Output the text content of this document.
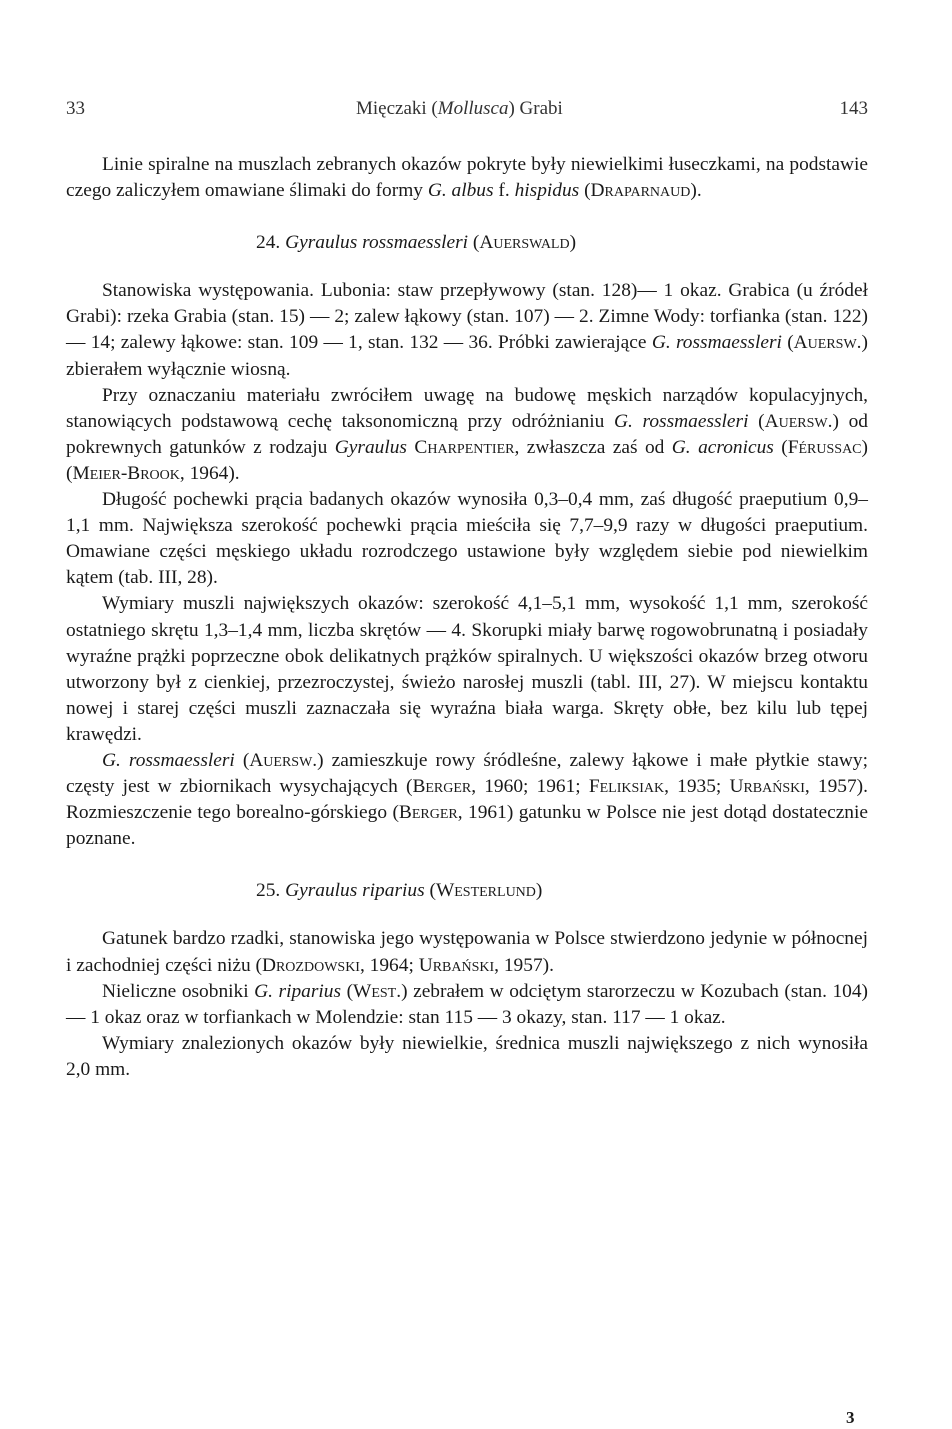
33	Mięczaki (Mollusca) Grabi	143

Linie spiralne na muszlach zebranych okazów pokryte były niewielkimi łuseczkami, na podstawie czego zaliczyłem omawiane ślimaki do formy G. albus f. hispidus (Draparnaud).

24. Gyraulus rossmaessleri (Auerswald)

Stanowiska występowania. Lubonia: staw przepływowy (stan. 128)— 1 okaz. Grabica (u źródeł Grabi): rzeka Grabia (stan. 15) — 2; zalew łąkowy (stan. 107) — 2. Zimne Wody: torfianka (stan. 122) — 14; zalewy łąkowe: stan. 109 — 1, stan. 132 — 36. Próbki zawierające G. rossmaessleri (Auersw.) zbierałem wyłącznie wiosną.

Przy oznaczaniu materiału zwróciłem uwagę na budowę męskich narządów kopulacyjnych, stanowiących podstawową cechę taksonomiczną przy odróżnianiu G. rossmaessleri (Auersw.) od pokrewnych gatunków z rodzaju Gyraulus Charpentier, zwłaszcza zaś od G. acronicus (Férussac) (Meier-Brook, 1964).

Długość pochewki prącia badanych okazów wynosiła 0,3–0,4 mm, zaś długość praeputium 0,9–1,1 mm. Największa szerokość pochewki prącia mieściła się 7,7–9,9 razy w długości praeputium. Omawiane części męskiego układu rozrodczego ustawione były względem siebie pod niewielkim kątem (tab. III, 28).

Wymiary muszli największych okazów: szerokość 4,1–5,1 mm, wysokość 1,1 mm, szerokość ostatniego skrętu 1,3–1,4 mm, liczba skrętów — 4. Skorupki miały barwę rogowobrunatną i posiadały wyraźne prążki poprzeczne obok delikatnych prążków spiralnych. U większości okazów brzeg otworu utworzony był z cienkiej, przezroczystej, świeżo narosłej muszli (tabl. III, 27). W miejscu kontaktu nowej i starej części muszli zaznaczała się wyraźna biała warga. Skręty obłe, bez kilu lub tępej krawędzi.

G. rossmaessleri (Auersw.) zamieszkuje rowy śródleśne, zalewy łąkowe i małe płytkie stawy; częsty jest w zbiornikach wysychających (Berger, 1960; 1961; Feliksiak, 1935; Urbański, 1957). Rozmieszczenie tego borealno-górskiego (Berger, 1961) gatunku w Polsce nie jest dotąd dostatecznie poznane.

25. Gyraulus riparius (Westerlund)

Gatunek bardzo rzadki, stanowiska jego występowania w Polsce stwierdzono jedynie w północnej i zachodniej części niżu (Drozdowski, 1964; Urbański, 1957).

Nieliczne osobniki G. riparius (West.) zebrałem w odciętym starorzeczu w Kozubach (stan. 104) — 1 okaz oraz w torfiankach w Molendzie: stan 115 — 3 okazy, stan. 117 — 1 okaz.

Wymiary znalezionych okazów były niewielkie, średnica muszli największego z nich wynosiła 2,0 mm.

3
